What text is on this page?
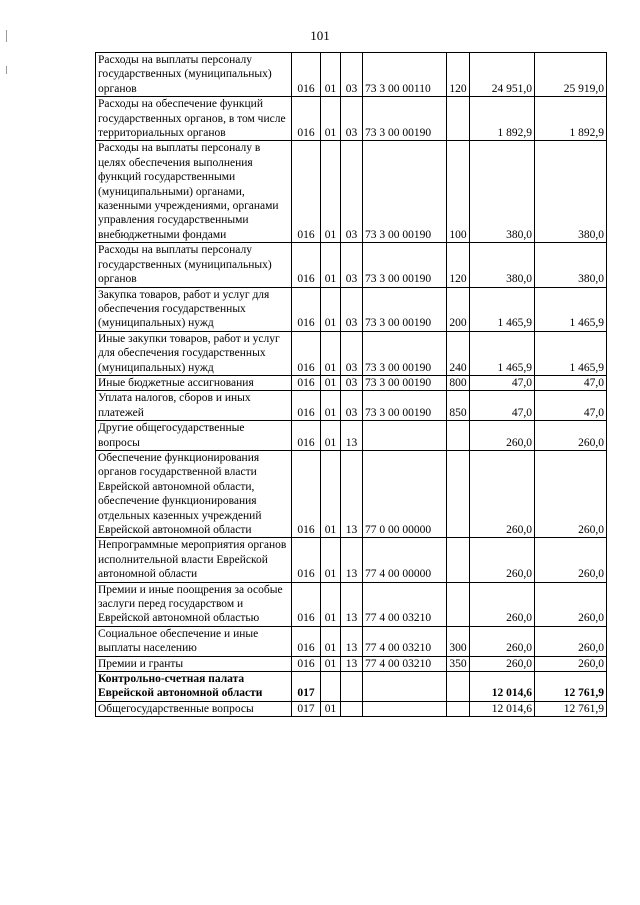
101
Расходы на выплаты персоналу государственных (муниципальных) органов	016	01	03	73 3 00 00110	120	24 951,0	25 919,0
Расходы на обеспечение функций государственных органов, в том числе территориальных органов	016	01	03	73 3 00 00190		1 892,9	1 892,9
Расходы на выплаты персоналу в целях обеспечения выполнения функций государственными (муниципальными) органами, казенными учреждениями, органами управления государственными внебюджетными фондами	016	01	03	73 3 00 00190	100	380,0	380,0
Расходы на выплаты персоналу государственных (муниципальных) органов	016	01	03	73 3 00 00190	120	380,0	380,0
Закупка товаров, работ и услуг для обеспечения государственных (муниципальных) нужд	016	01	03	73 3 00 00190	200	1 465,9	1 465,9
Иные закупки товаров, работ и услуг для обеспечения государственных (муниципальных) нужд	016	01	03	73 3 00 00190	240	1 465,9	1 465,9
Иные бюджетные ассигнования	016	01	03	73 3 00 00190	800	47,0	47,0
Уплата налогов, сборов и иных платежей	016	01	03	73 3 00 00190	850	47,0	47,0
Другие общегосударственные вопросы	016	01	13			260,0	260,0
Обеспечение функционирования органов государственной власти Еврейской автономной области, обеспечение функционирования отдельных казенных учреждений Еврейской автономной области	016	01	13	77 0 00 00000		260,0	260,0
Непрограммные мероприятия органов исполнительной власти Еврейской автономной области	016	01	13	77 4 00 00000		260,0	260,0
Премии и иные поощрения за особые заслуги перед государством и Еврейской автономной областью	016	01	13	77 4 00 03210		260,0	260,0
Социальное обеспечение и иные выплаты населению	016	01	13	77 4 00 03210	300	260,0	260,0
Премии и гранты	016	01	13	77 4 00 03210	350	260,0	260,0
Контрольно-счетная палата Еврейской автономной области	017					12 014,6	12 761,9
Общегосударственные вопросы	017	01				12 014,6	12 761,9
